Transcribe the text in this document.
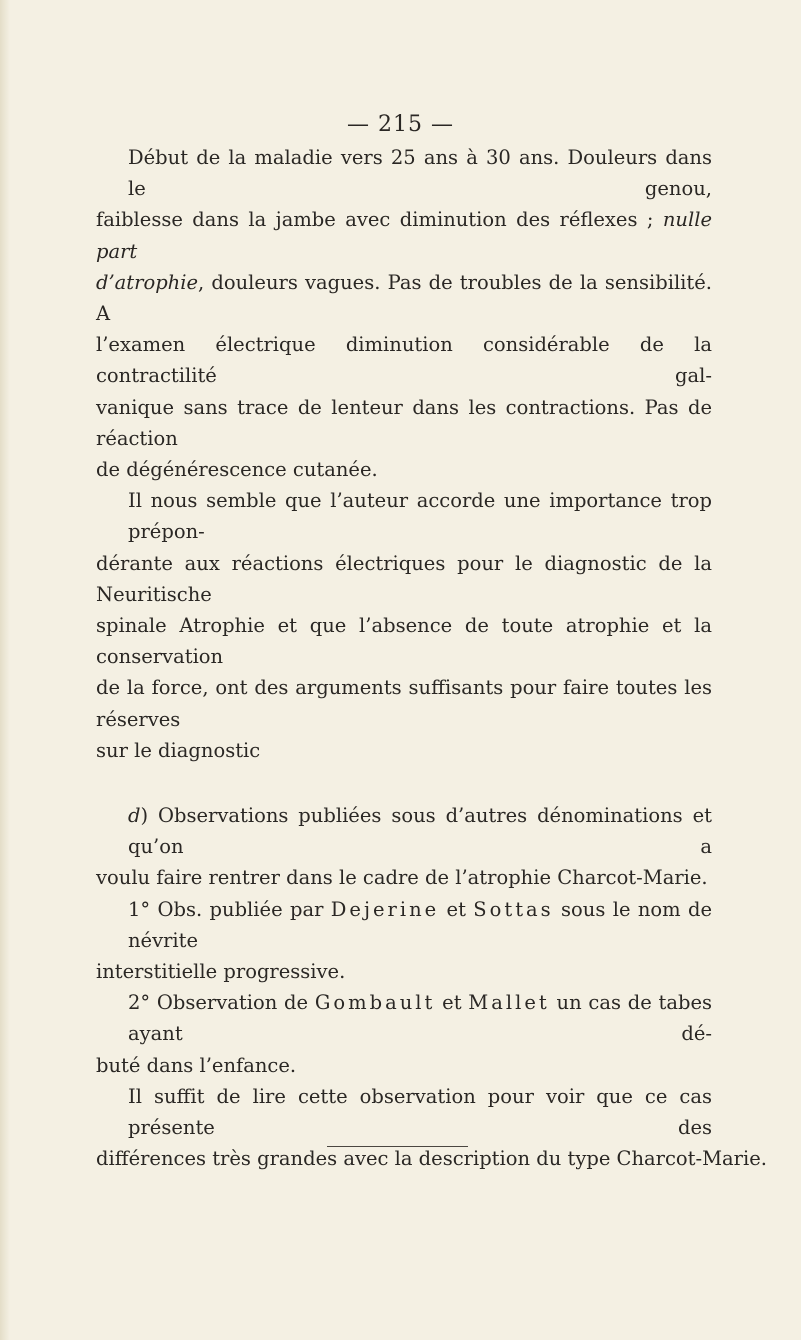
— 215 —
Début de la maladie vers 25 ans à 30 ans. Douleurs dans le genou,
faiblesse dans la jambe avec diminution des réflexes ; nulle part
d’atrophie, douleurs vagues. Pas de troubles de la sensibilité. A
l’examen électrique diminution considérable de la contractilité gal-
vanique sans trace de lenteur dans les contractions. Pas de réaction
de dégénérescence cutanée.
Il nous semble que l’auteur accorde une importance trop prépon-
dérante aux réactions électriques pour le diagnostic de la Neuritische
spinale Atrophie et que l’absence de toute atrophie et la conservation
de la force, ont des arguments suffisants pour faire toutes les réserves
sur le diagnostic
d) Observations publiées sous d’autres dénominations et qu’on a
voulu faire rentrer dans le cadre de l’atrophie Charcot-Marie.
1° Obs. publiée par Dejerine et Sottas sous le nom de névrite
interstitielle progressive.
2° Observation de Gombault et Mallet un cas de tabes ayant dé-
buté dans l’enfance.
Il suffit de lire cette observation pour voir que ce cas présente des
différences très grandes avec la description du type Charcot-Marie.
